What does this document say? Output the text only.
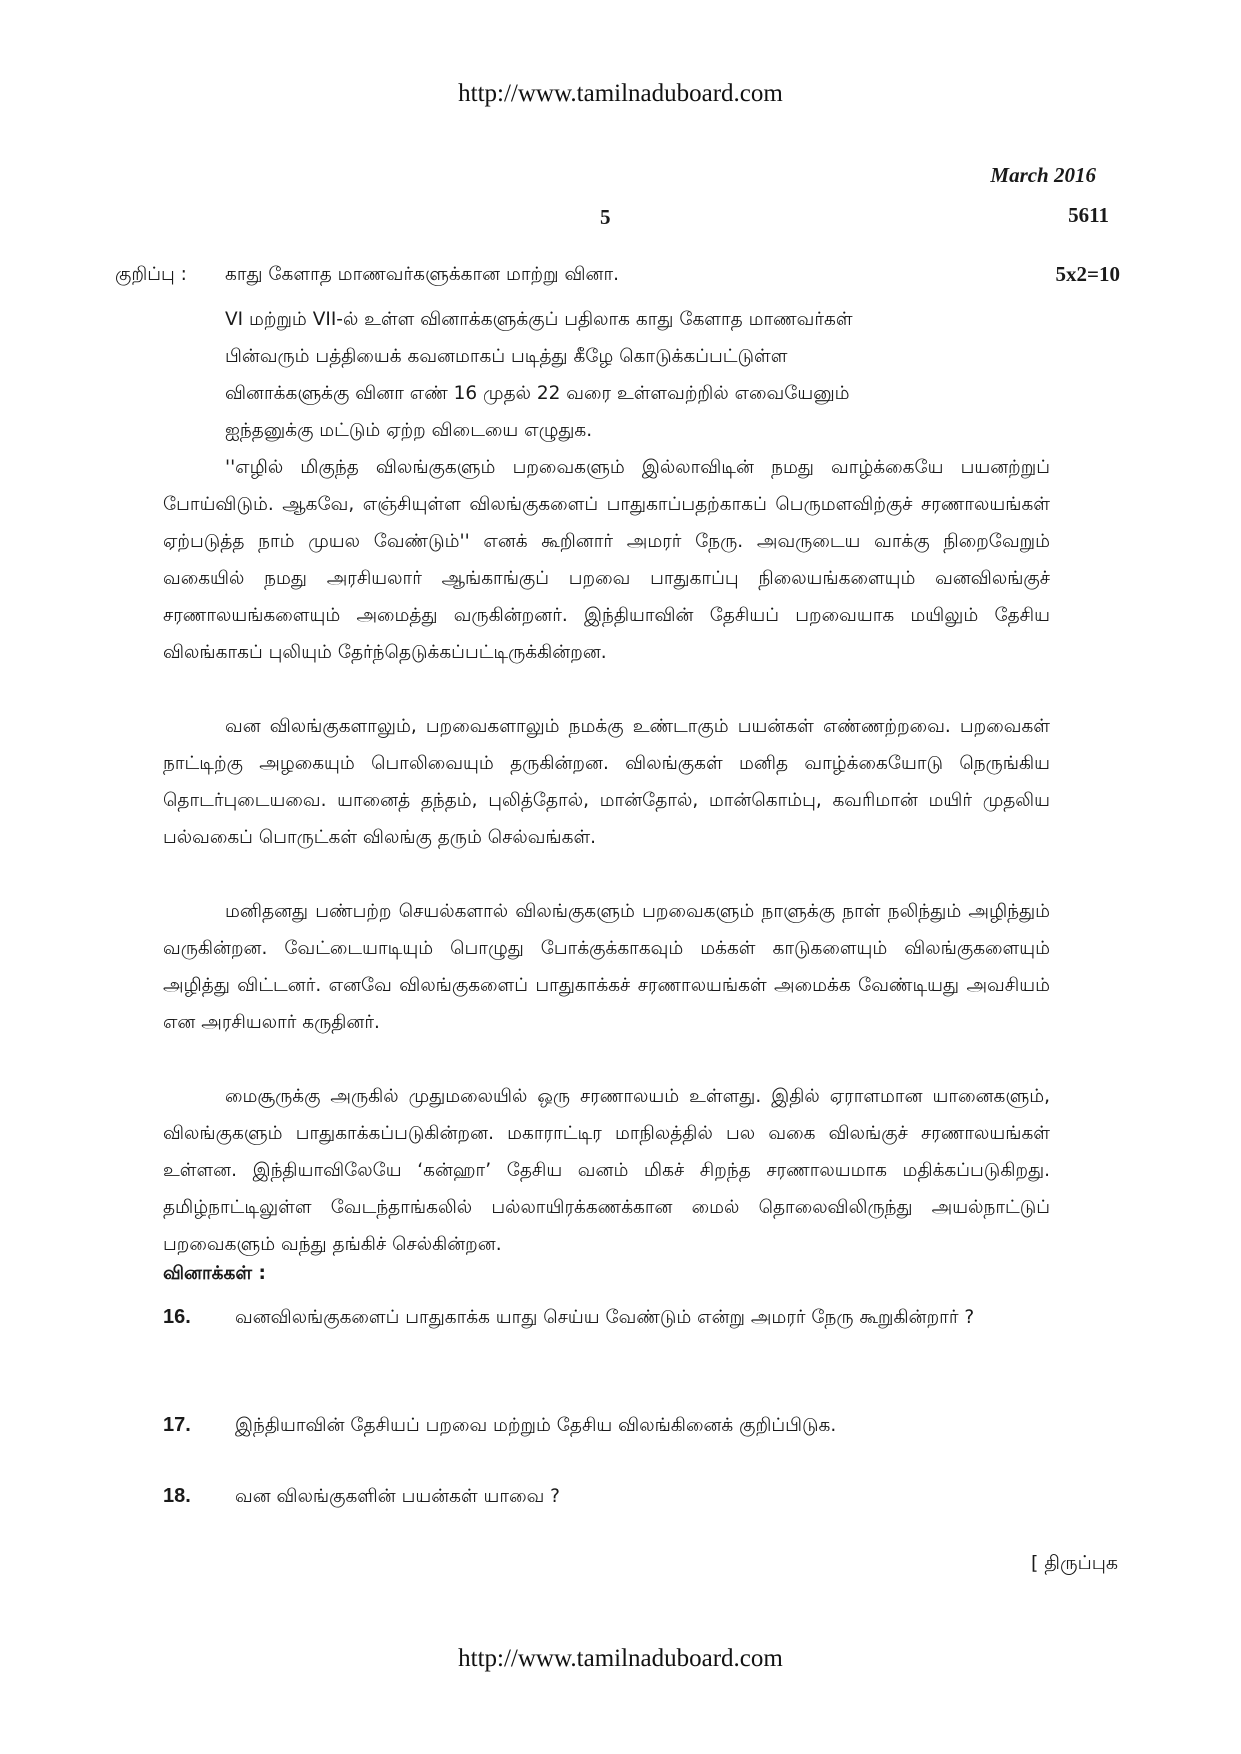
http://www.tamilnaduboard.com
March 2016
5	5611
குறிப்பு : காது கேளாத மாணவர்களுக்கான மாற்று வினா.	5x2=10
VI மற்றும் VII-ல் உள்ள வினாக்களுக்குப் பதிலாக காது கேளாத மாணவர்கள்
பின்வரும் பத்தியைக் கவனமாகப் படித்து கீழே கொடுக்கப்பட்டுள்ள
வினாக்களுக்கு வினா எண் 16 முதல் 22 வரை உள்ளவற்றில் எவையேனும்
ஐந்தனுக்கு மட்டும் ஏற்ற விடையை எழுதுக.

''எழில் மிகுந்த விலங்குகளும் பறவைகளும் இல்லாவிடின் நமது வாழ்க்கையே பயனற்றுப் போய்விடும். ஆகவே, எஞ்சியுள்ள விலங்குகளைப் பாதுகாப்பதற்காகப் பெருமளவிற்குச் சரணாலயங்கள் ஏற்படுத்த நாம் முயல வேண்டும்'' எனக் கூறினார் அமரர் நேரு. அவருடைய வாக்கு நிறைவேறும் வகையில் நமது அரசியலார் ஆங்காங்குப் பறவை பாதுகாப்பு நிலையங்களையும் வனவிலங்குச் சரணாலயங்களையும் அமைத்து வருகின்றனர். இந்தியாவின் தேசியப் பறவையாக மயிலும் தேசிய விலங்காகப் புலியும் தேர்ந்தெடுக்கப்பட்டிருக்கின்றன.

வன விலங்குகளாலும், பறவைகளாலும் நமக்கு உண்டாகும் பயன்கள் எண்ணற்றவை. பறவைகள் நாட்டிற்கு அழகையும் பொலிவையும் தருகின்றன. விலங்குகள் மனித வாழ்க்கையோடு நெருங்கிய தொடர்புடையவை. யானைத் தந்தம், புலித்தோல், மான்தோல், மான்கொம்பு, கவரிமான் மயிர் முதலிய பல்வகைப் பொருட்கள் விலங்கு தரும் செல்வங்கள்.

மனிதனது பண்பற்ற செயல்களால் விலங்குகளும் பறவைகளும் நாளுக்கு நாள் நலிந்தும் அழிந்தும் வருகின்றன. வேட்டையாடியும் பொழுது போக்குக்காகவும் மக்கள் காடுகளையும் விலங்குகளையும் அழித்து விட்டனர். எனவே விலங்குகளைப் பாதுகாக்கச் சரணாலயங்கள் அமைக்க வேண்டியது அவசியம் என அரசியலார் கருதினர்.

மைசூருக்கு அருகில் முதுமலையில் ஒரு சரணாலயம் உள்ளது. இதில் ஏராளமான யானைகளும், விலங்குகளும் பாதுகாக்கப்படுகின்றன. மகாராட்டிர மாநிலத்தில் பல வகை விலங்குச் சரணாலயங்கள் உள்ளன. இந்தியாவிலேயே ‘கன்ஹா’ தேசிய வனம் மிகச் சிறந்த சரணாலயமாக மதிக்கப்படுகிறது. தமிழ்நாட்டிலுள்ள வேடந்தாங்கலில் பல்லாயிரக்கணக்கான மைல் தொலைவிலிருந்து அயல்நாட்டுப் பறவைகளும் வந்து தங்கிச் செல்கின்றன.

வினாக்கள் :
16. வனவிலங்குகளைப் பாதுகாக்க யாது செய்ய வேண்டும் என்று அமரர் நேரு கூறுகின்றார் ?
17. இந்தியாவின் தேசியப் பறவை மற்றும் தேசிய விலங்கினைக் குறிப்பிடுக.
18. வன விலங்குகளின் பயன்கள் யாவை ?
[ திருப்புக
http://www.tamilnaduboard.com
